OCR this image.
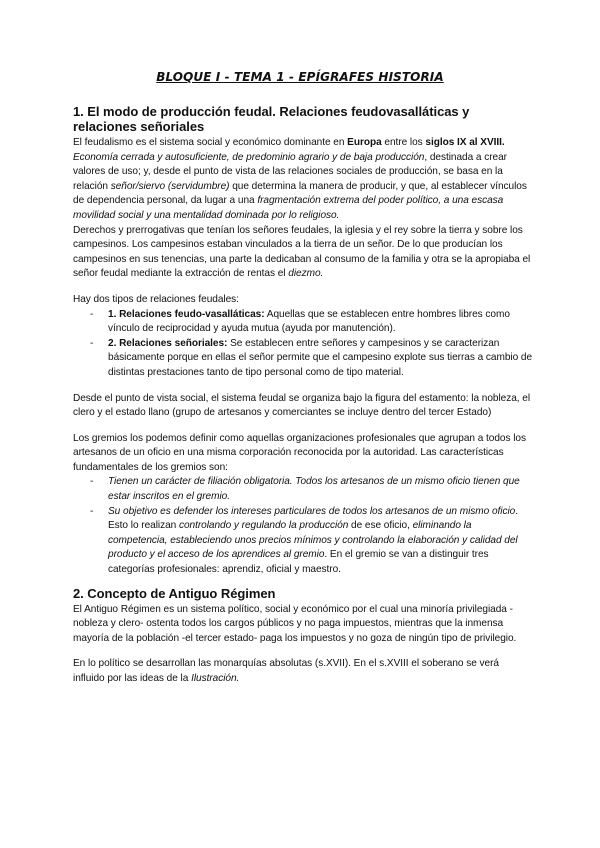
BLOQUE I - TEMA 1 - EPÍGRAFES HISTORIA
1. El modo de producción feudal. Relaciones feudovasalláticas y relaciones señoriales

El feudalismo es el sistema social y económico dominante en Europa entre los siglos IX al XVIII. Economía cerrada y autosuficiente, de predominio agrario y de baja producción, destinada a crear valores de uso; y, desde el punto de vista de las relaciones sociales de producción, se basa en la relación señor/siervo (servidumbre) que determina la manera de producir, y que, al establecer vínculos de dependencia personal, da lugar a una fragmentación extrema del poder político, a una escasa movilidad social y una mentalidad dominada por lo religioso.

Derechos y prerrogativas que tenían los señores feudales, la iglesia y el rey sobre la tierra y sobre los campesinos. Los campesinos estaban vinculados a la tierra de un señor. De lo que producían los campesinos en sus tenencias, una parte la dedicaban al consumo de la familia y otra se la apropiaba el señor feudal mediante la extracción de rentas el diezmo.

Hay dos tipos de relaciones feudales:

- 1. Relaciones feudo-vasalláticas: Aquellas que se establecen entre hombres libres como vínculo de reciprocidad y ayuda mutua (ayuda por manutención).
- 2. Relaciones señoriales: Se establecen entre señores y campesinos y se caracterizan básicamente porque en ellas el señor permite que el campesino explote sus tierras a cambio de distintas prestaciones tanto de tipo personal como de tipo material.

Desde el punto de vista social, el sistema feudal se organiza bajo la figura del estamento: la nobleza, el clero y el estado llano (grupo de artesanos y comerciantes se incluye dentro del tercer Estado)

Los gremios los podemos definir como aquellas organizaciones profesionales que agrupan a todos los artesanos de un oficio en una misma corporación reconocida por la autoridad. Las características fundamentales de los gremios son:

- Tienen un carácter de filiación obligatoria. Todos los artesanos de un mismo oficio tienen que estar inscritos en el gremio.
- Su objetivo es defender los intereses particulares de todos los artesanos de un mismo oficio. Esto lo realizan controlando y regulando la producción de ese oficio, eliminando la competencia, estableciendo unos precios mínimos y controlando la elaboración y calidad del producto y el acceso de los aprendices al gremio. En el gremio se van a distinguir tres categorías profesionales: aprendiz, oficial y maestro.
2. Concepto de Antiguo Régimen

El Antiguo Régimen es un sistema político, social y económico por el cual una minoría privilegiada -nobleza y clero- ostenta todos los cargos públicos y no paga impuestos, mientras que la inmensa mayoría de la población -el tercer estado- paga los impuestos y no goza de ningún tipo de privilegio.

En lo político se desarrollan las monarquías absolutas (s.XVII). En el s.XVIII el soberano se verá influido por las ideas de la Ilustración.
